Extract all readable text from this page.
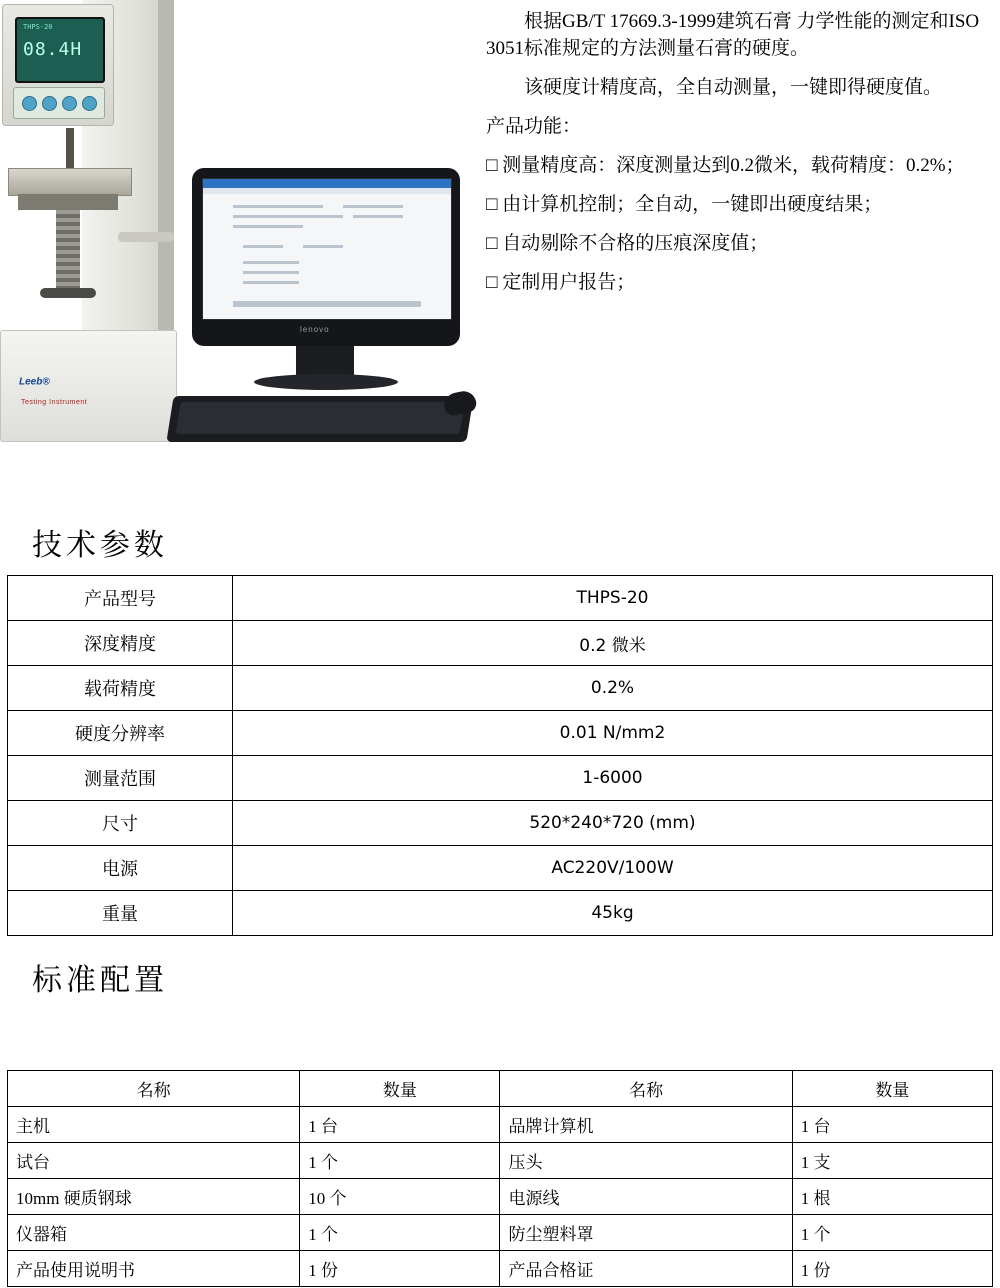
THPS-20
08.4H
$^{Leeb®}$
Testing Instrument
lenovo

根据GB/T 17669.3-1999建筑石膏 力学性能的测定和ISO 3051标准规定的方法测量石膏的硬度。

该硬度计精度高，全自动测量，一键即得硬度值。

产品功能：

□ 测量精度高：深度测量达到0.2微米，载荷精度：0.2%；

□ 由计算机控制；全自动，一键即出硬度结果；

□ 自动剔除不合格的压痕深度值；

□ 定制用户报告；

技术参数
产品型号	THPS-20
深度精度	0.2 微米
载荷精度	0.2%
硬度分辨率	0.01 N/mm2
测量范围	1-6000
尺寸	520*240*720 (mm)
电源	AC220V/100W
重量	45kg
标准配置
名称	数量	名称	数量
主机	1 台	品牌计算机	1 台
试台	1 个	压头	1 支
10mm 硬质钢球	10 个	电源线	1 根
仪器箱	1 个	防尘塑料罩	1 个
产品使用说明书	1 份	产品合格证	1 份
